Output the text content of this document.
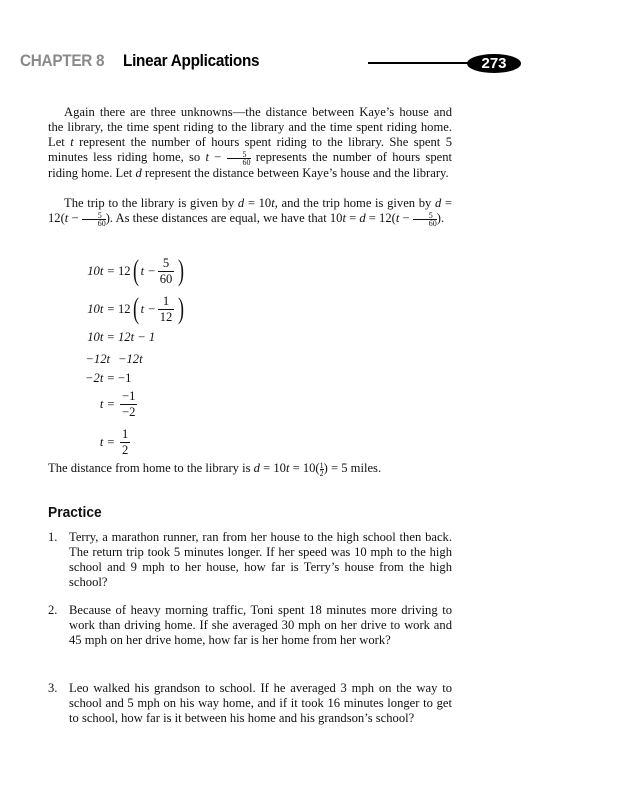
CHAPTER 8 Linear Applications	273
Again there are three unknowns—the distance between Kaye’s house and the library, the time spent riding to the library and the time spent riding home. Let t represent the number of hours spent riding to the library. She spent 5 minutes less riding home, so $t - \frac{5}{60}$ represents the number of hours spent riding home. Let d represent the distance between Kaye’s house and the library.
The trip to the library is given by d = 10t, and the trip home is given by $d = 12(t - \frac{5}{60}$ ). As these distances are equal, we have that $10t = d = 12(t - \frac{5}{60}$ ).
10t = 12 ( $t - \frac{5}{60}$ )
10t = 12 ( $t - \frac{1}{12}$ )
10t = 12t − 1
−12t −12t
−2t = −1
$t = \frac{-1}{-2}$
$t = \frac{1}{2}$
The distance from home to the library is $d = 10t = 10( \frac{1}{2}$ ) = 5 miles.
Practice
1. Terry, a marathon runner, ran from her house to the high school then back. The return trip took 5 minutes longer. If her speed was 10 mph to the high school and 9 mph to her house, how far is Terry’s house from the high school?
2. Because of heavy morning traffic, Toni spent 18 minutes more driving to work than driving home. If she averaged 30 mph on her drive to work and 45 mph on her drive home, how far is her home from her work?
3. Leo walked his grandson to school. If he averaged 3 mph on the way to school and 5 mph on his way home, and if it took 16 minutes longer to get to school, how far is it between his home and his grandson’s school?
